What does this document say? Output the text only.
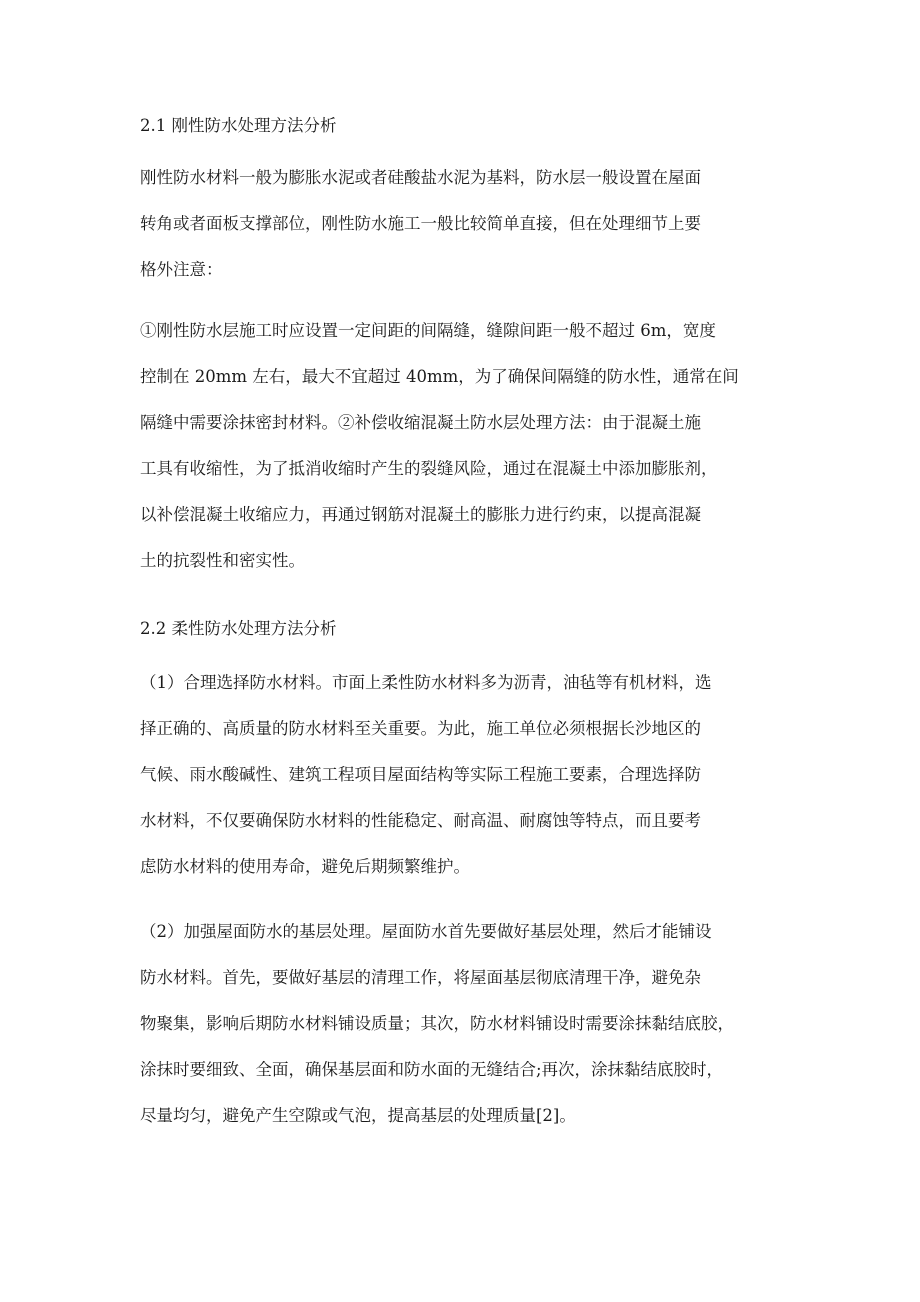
2.1 刚性防水处理方法分析
刚性防水材料一般为膨胀水泥或者硅酸盐水泥为基料，防水层一般设置在屋面
转角或者面板支撑部位，刚性防水施工一般比较简单直接，但在处理细节上要
格外注意：
①刚性防水层施工时应设置一定间距的间隔缝，缝隙间距一般不超过 6m，宽度
控制在 20mm 左右，最大不宜超过 40mm，为了确保间隔缝的防水性，通常在间
隔缝中需要涂抹密封材料。②补偿收缩混凝土防水层处理方法：由于混凝土施
工具有收缩性，为了抵消收缩时产生的裂缝风险，通过在混凝土中添加膨胀剂，
以补偿混凝土收缩应力，再通过钢筋对混凝土的膨胀力进行约束，以提高混凝
土的抗裂性和密实性。
2.2 柔性防水处理方法分析
（1）合理选择防水材料。市面上柔性防水材料多为沥青，油毡等有机材料，选
择正确的、高质量的防水材料至关重要。为此，施工单位必须根据长沙地区的
气候、雨水酸碱性、建筑工程项目屋面结构等实际工程施工要素，合理选择防
水材料，不仅要确保防水材料的性能稳定、耐高温、耐腐蚀等特点，而且要考
虑防水材料的使用寿命，避免后期频繁维护。
（2）加强屋面防水的基层处理。屋面防水首先要做好基层处理，然后才能铺设
防水材料。首先，要做好基层的清理工作，将屋面基层彻底清理干净，避免杂
物聚集，影响后期防水材料铺设质量；其次，防水材料铺设时需要涂抹黏结底胶，
涂抹时要细致、全面，确保基层面和防水面的无缝结合;再次，涂抹黏结底胶时，
尽量均匀，避免产生空隙或气泡，提高基层的处理质量[2]。
